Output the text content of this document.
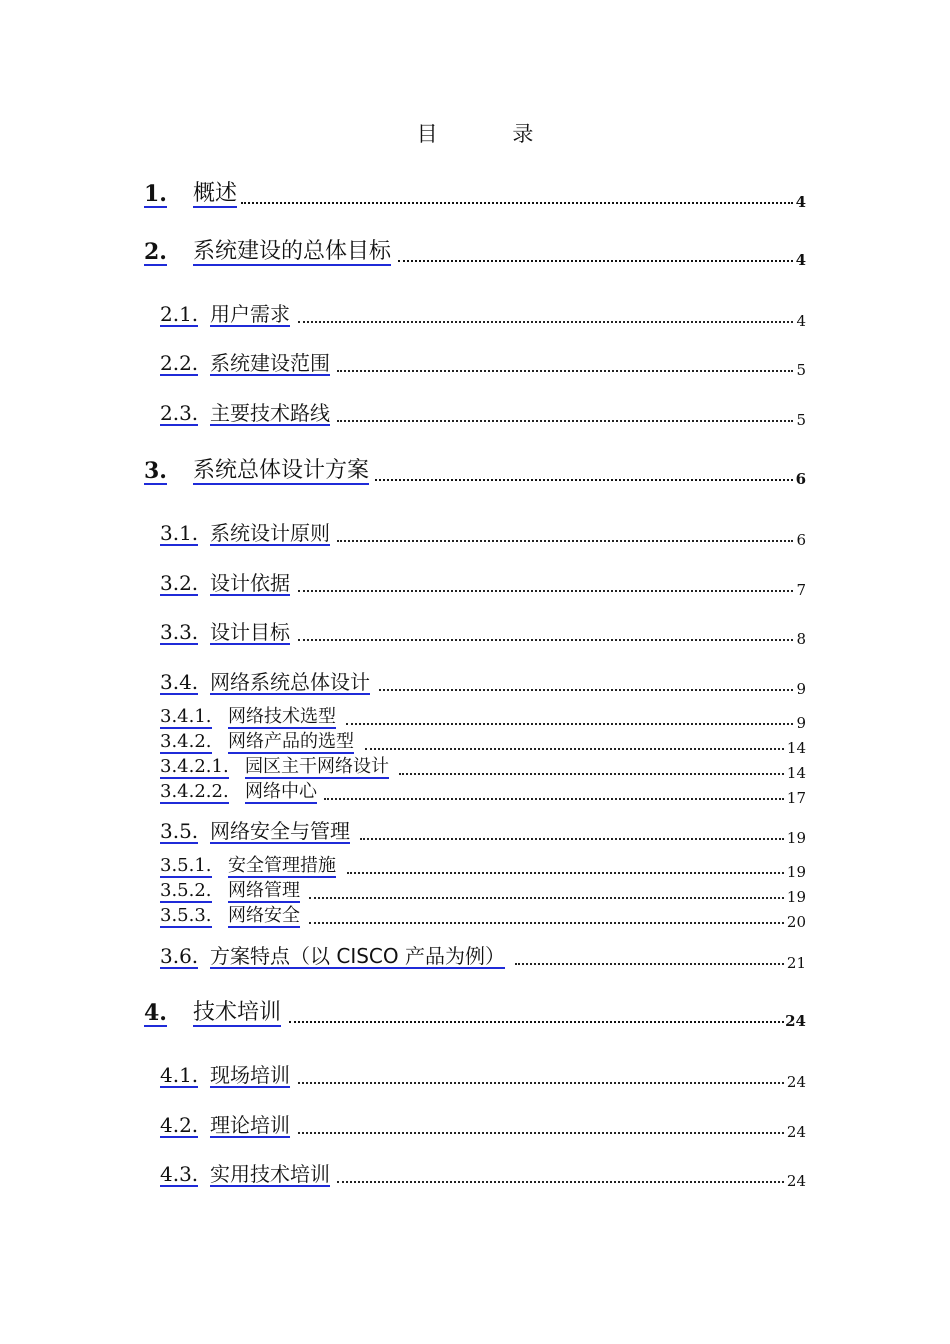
目 录
1. 概述	4
2. 系统建设的总体目标	4
2.1. 用户需求	4
2.2. 系统建设范围	5
2.3. 主要技术路线	5
3. 系统总体设计方案	6
3.1. 系统设计原则	6
3.2. 设计依据	7
3.3. 设计目标	8
3.4. 网络系统总体设计	9
3.4.1. 网络技术选型	9
3.4.2. 网络产品的选型	14
3.4.2.1. 园区主干网络设计	14
3.4.2.2. 网络中心	17
3.5. 网络安全与管理	19
3.5.1. 安全管理措施	19
3.5.2. 网络管理	19
3.5.3. 网络安全	20
3.6. 方案特点（以 CISCO 产品为例）	21
4. 技术培训	24
4.1. 现场培训	24
4.2. 理论培训	24
4.3. 实用技术培训	24
